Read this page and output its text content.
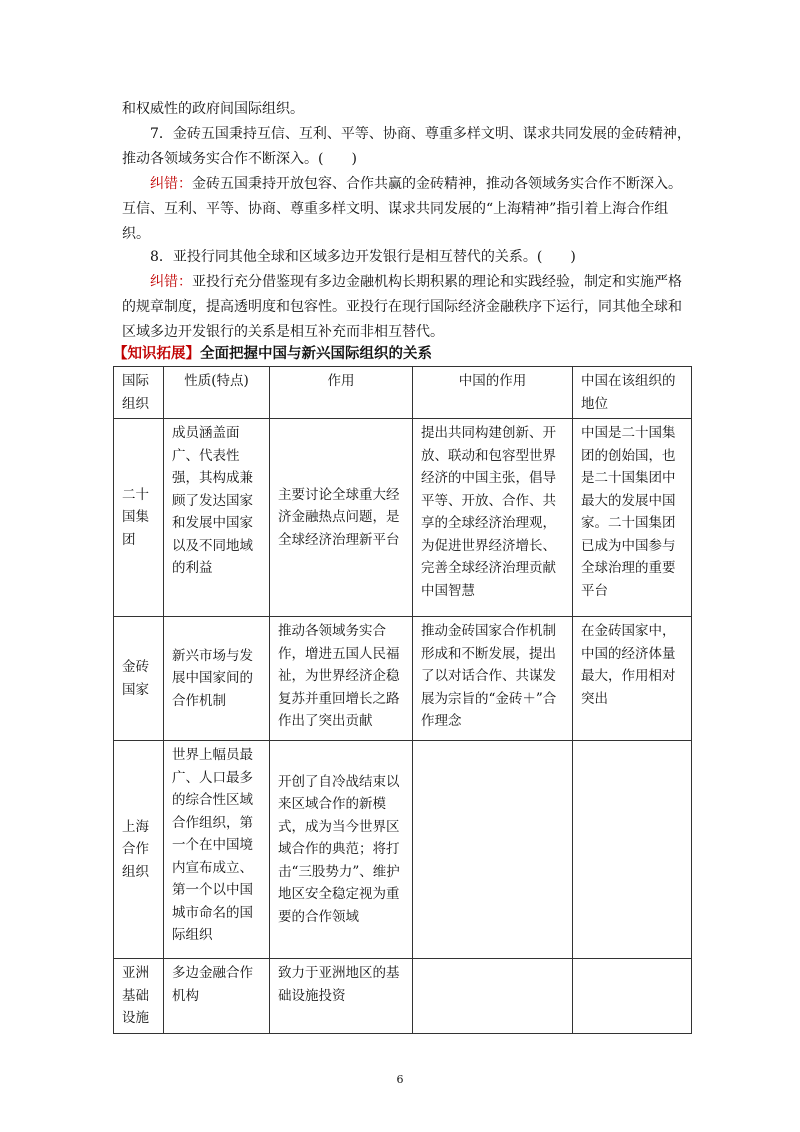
和权威性的政府间国际组织。
7．金砖五国秉持互信、互利、平等、协商、尊重多样文明、谋求共同发展的金砖精神，推动各领域务实合作不断深入。(　　)
纠错：金砖五国秉持开放包容、合作共赢的金砖精神，推动各领域务实合作不断深入。互信、互利、平等、协商、尊重多样文明、谋求共同发展的“上海精神”指引着上海合作组织。
8．亚投行同其他全球和区域多边开发银行是相互替代的关系。(　　)
纠错：亚投行充分借鉴现有多边金融机构长期积累的理论和实践经验，制定和实施严格的规章制度，提高透明度和包容性。亚投行在现行国际经济金融秩序下运行，同其他全球和区域多边开发银行的关系是相互补充而非相互替代。
【知识拓展】全面把握中国与新兴国际组织的关系
国际组织	性质(特点)	作用	中国的作用	中国在该组织的地位
二十国集团	成员涵盖面广、代表性强，其构成兼顾了发达国家和发展中国家以及不同地域的利益	主要讨论全球重大经济金融热点问题，是全球经济治理新平台	提出共同构建创新、开放、联动和包容型世界经济的中国主张，倡导平等、开放、合作、共享的全球经济治理观，为促进世界经济增长、完善全球经济治理贡献中国智慧	中国是二十国集团的创始国，也是二十国集团中最大的发展中国家。二十国集团已成为中国参与全球治理的重要平台
金砖国家	新兴市场与发展中国家间的合作机制	推动各领域务实合作，增进五国人民福祉，为世界经济企稳复苏并重回增长之路作出了突出贡献	推动金砖国家合作机制形成和不断发展，提出了以对话合作、共谋发展为宗旨的“金砖＋”合作理念	在金砖国家中，中国的经济体量最大，作用相对突出
上海合作组织	世界上幅员最广、人口最多的综合性区域合作组织，第一个在中国境内宣布成立、第一个以中国城市命名的国际组织	开创了自冷战结束以来区域合作的新模式，成为当今世界区域合作的典范；将打击“三股势力”、维护地区安全稳定视为重要的合作领域		
亚洲基础设施	多边金融合作机构	致力于亚洲地区的基础设施投资		
6
